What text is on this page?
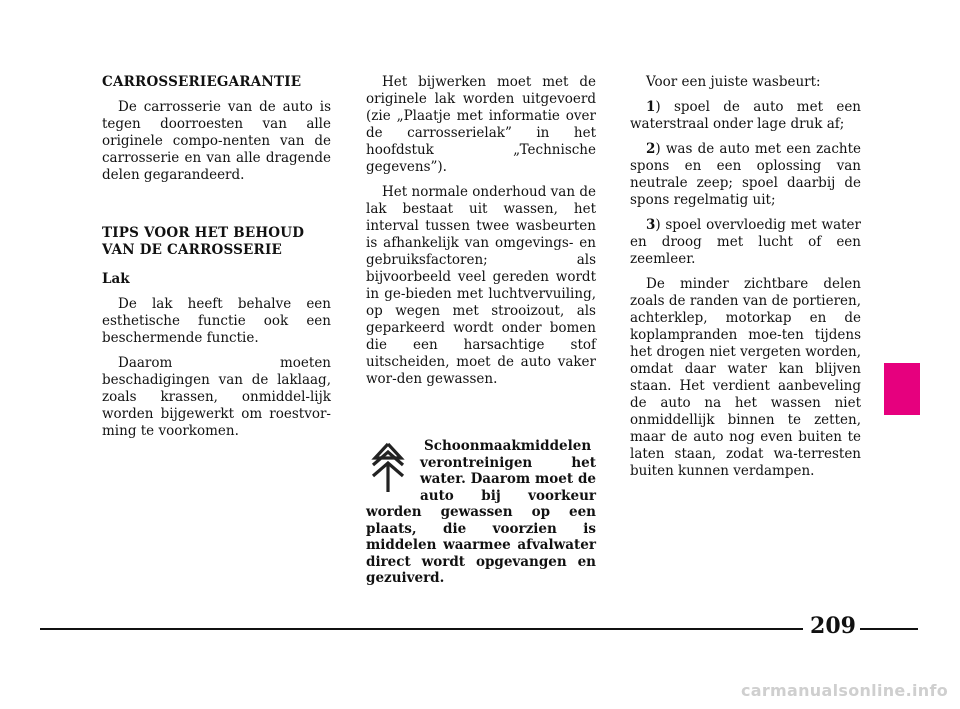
CARROSSERIEGARANTIE

De carrosserie van de auto is tegen doorroesten van alle originele compo-nenten van de carrosserie en van alle dragende delen gegarandeerd.

TIPS VOOR HET BEHOUD

VAN DE CARROSSERIE

Lak

De lak heeft behalve een esthetische functie ook een beschermende functie.

Daarom moeten beschadigingen van de laklaag, zoals krassen, onmiddel-lijk worden bijgewerkt om roestvor-ming te voorkomen.

Het bijwerken moet met de originele lak worden uitgevoerd (zie „Plaatje met informatie over de carrosserielak” in het hoofdstuk „Technische gegevens”).

Het normale onderhoud van de lak bestaat uit wassen, het interval tussen twee wasbeurten is afhankelijk van omgevings- en gebruiksfactoren; als bijvoorbeeld veel gereden wordt in ge-bieden met luchtvervuiling, op wegen met strooizout, als geparkeerd wordt onder bomen die een harsachtige stof uitscheiden, moet de auto vaker wor-den gewassen.

Schoonmaakmiddelen verontreinigen het water. Daarom moet de auto bij voorkeur worden gewassen op een plaats, die voorzien is middelen waarmee afvalwater direct wordt opgevangen en gezuiverd.

Voor een juiste wasbeurt:

1) spoel de auto met een waterstraal onder lage druk af;

2) was de auto met een zachte spons en een oplossing van neutrale zeep; spoel daarbij de spons regelmatig uit;

3) spoel overvloedig met water en droog met lucht of een zeemleer.

De minder zichtbare delen zoals de randen van de portieren, achterklep, motorkap en de koplampranden moe-ten tijdens het drogen niet vergeten worden, omdat daar water kan blijven staan. Het verdient aanbeveling de auto na het wassen niet onmiddellijk binnen te zetten, maar de auto nog even buiten te laten staan, zodat wa-terresten buiten kunnen verdampen.

209
carmanualsonline.info
